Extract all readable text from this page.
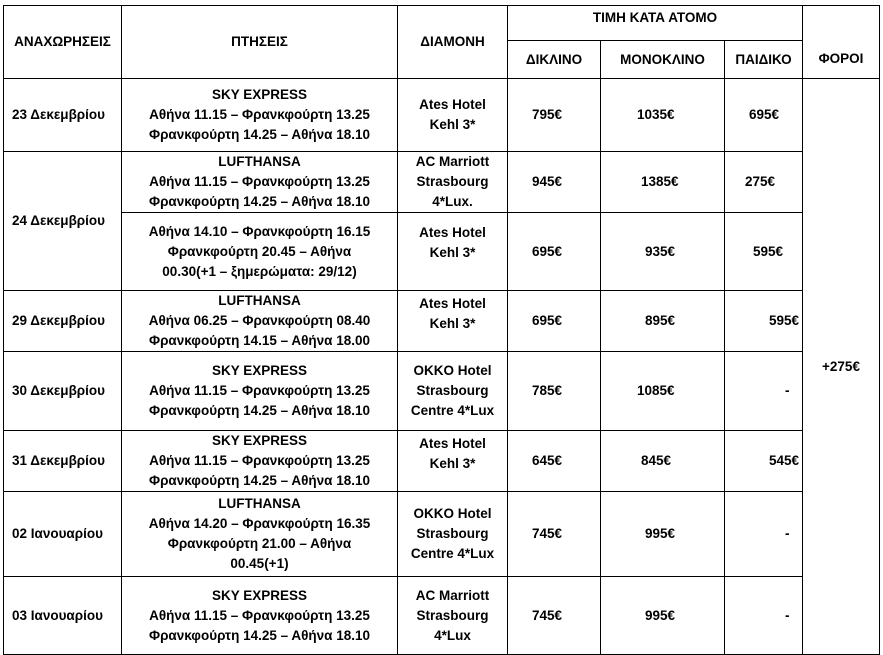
ΑΝΑΧΩΡΗΣΕΙΣ	ΠΤΗΣΕΙΣ	ΔΙΑΜΟΝΗ	ΤΙΜΗ ΚΑΤΑ ΑΤΟΜΟ			
			ΔΙΚΛΙΝΟ	ΜΟΝΟΚΛΙΝΟ	ΠΑΙΔΙΚΟ	ΦΟΡΟΙ
23 Δεκεμβρίου	SKY EXPRESS
Αθήνα 11.15 – Φρανκφούρτη 13.25
Φρανκφούρτη 14.25 – Αθήνα 18.10	Ates Hotel
Kehl 3*	795€	1035€	695€	+275€
24 Δεκεμβρίου	LUFTHANSA
Αθήνα 11.15 – Φρανκφούρτη 13.25
Φρανκφούρτη 14.25 – Αθήνα 18.10	AC Marriott
Strasbourg
4*Lux.	945€	1385€	275€	

	Αθήνα 14.10 – Φρανκφούρτη 16.15
Φρανκφούρτη 20.45 – Αθήνα
00.30(+1 – ξημερώματα: 29/12)	Ates Hotel
Kehl 3*	695€	935€	595€	
29 Δεκεμβρίου	LUFTHANSA
Αθήνα 06.25 – Φρανκφούρτη 08.40
Φρανκφούρτη 14.15 – Αθήνα 18.00	Ates Hotel
Kehl 3*	695€	895€	595€	
30 Δεκεμβρίου	SKY EXPRESS
Αθήνα 11.15 – Φρανκφούρτη 13.25
Φρανκφούρτη 14.25 – Αθήνα 18.10	OKKO Hotel
Strasbourg
Centre 4*Lux	785€	1085€	-	
31 Δεκεμβρίου	SKY EXPRESS
Αθήνα 11.15 – Φρανκφούρτη 13.25
Φρανκφούρτη 14.25 – Αθήνα 18.10	Ates Hotel
Kehl 3*	645€	845€	545€	
02 Ιανουαρίου	LUFTHANSA
Αθήνα 14.20 – Φρανκφούρτη 16.35
Φρανκφούρτη 21.00 – Αθήνα
00.45(+1)	OKKO Hotel
Strasbourg
Centre 4*Lux	745€	995€	-	
03 Ιανουαρίου	SKY EXPRESS
Αθήνα 11.15 – Φρανκφούρτη 13.25
Φρανκφούρτη 14.25 – Αθήνα 18.10	AC Marriott
Strasbourg
4*Lux	745€	995€	-	
